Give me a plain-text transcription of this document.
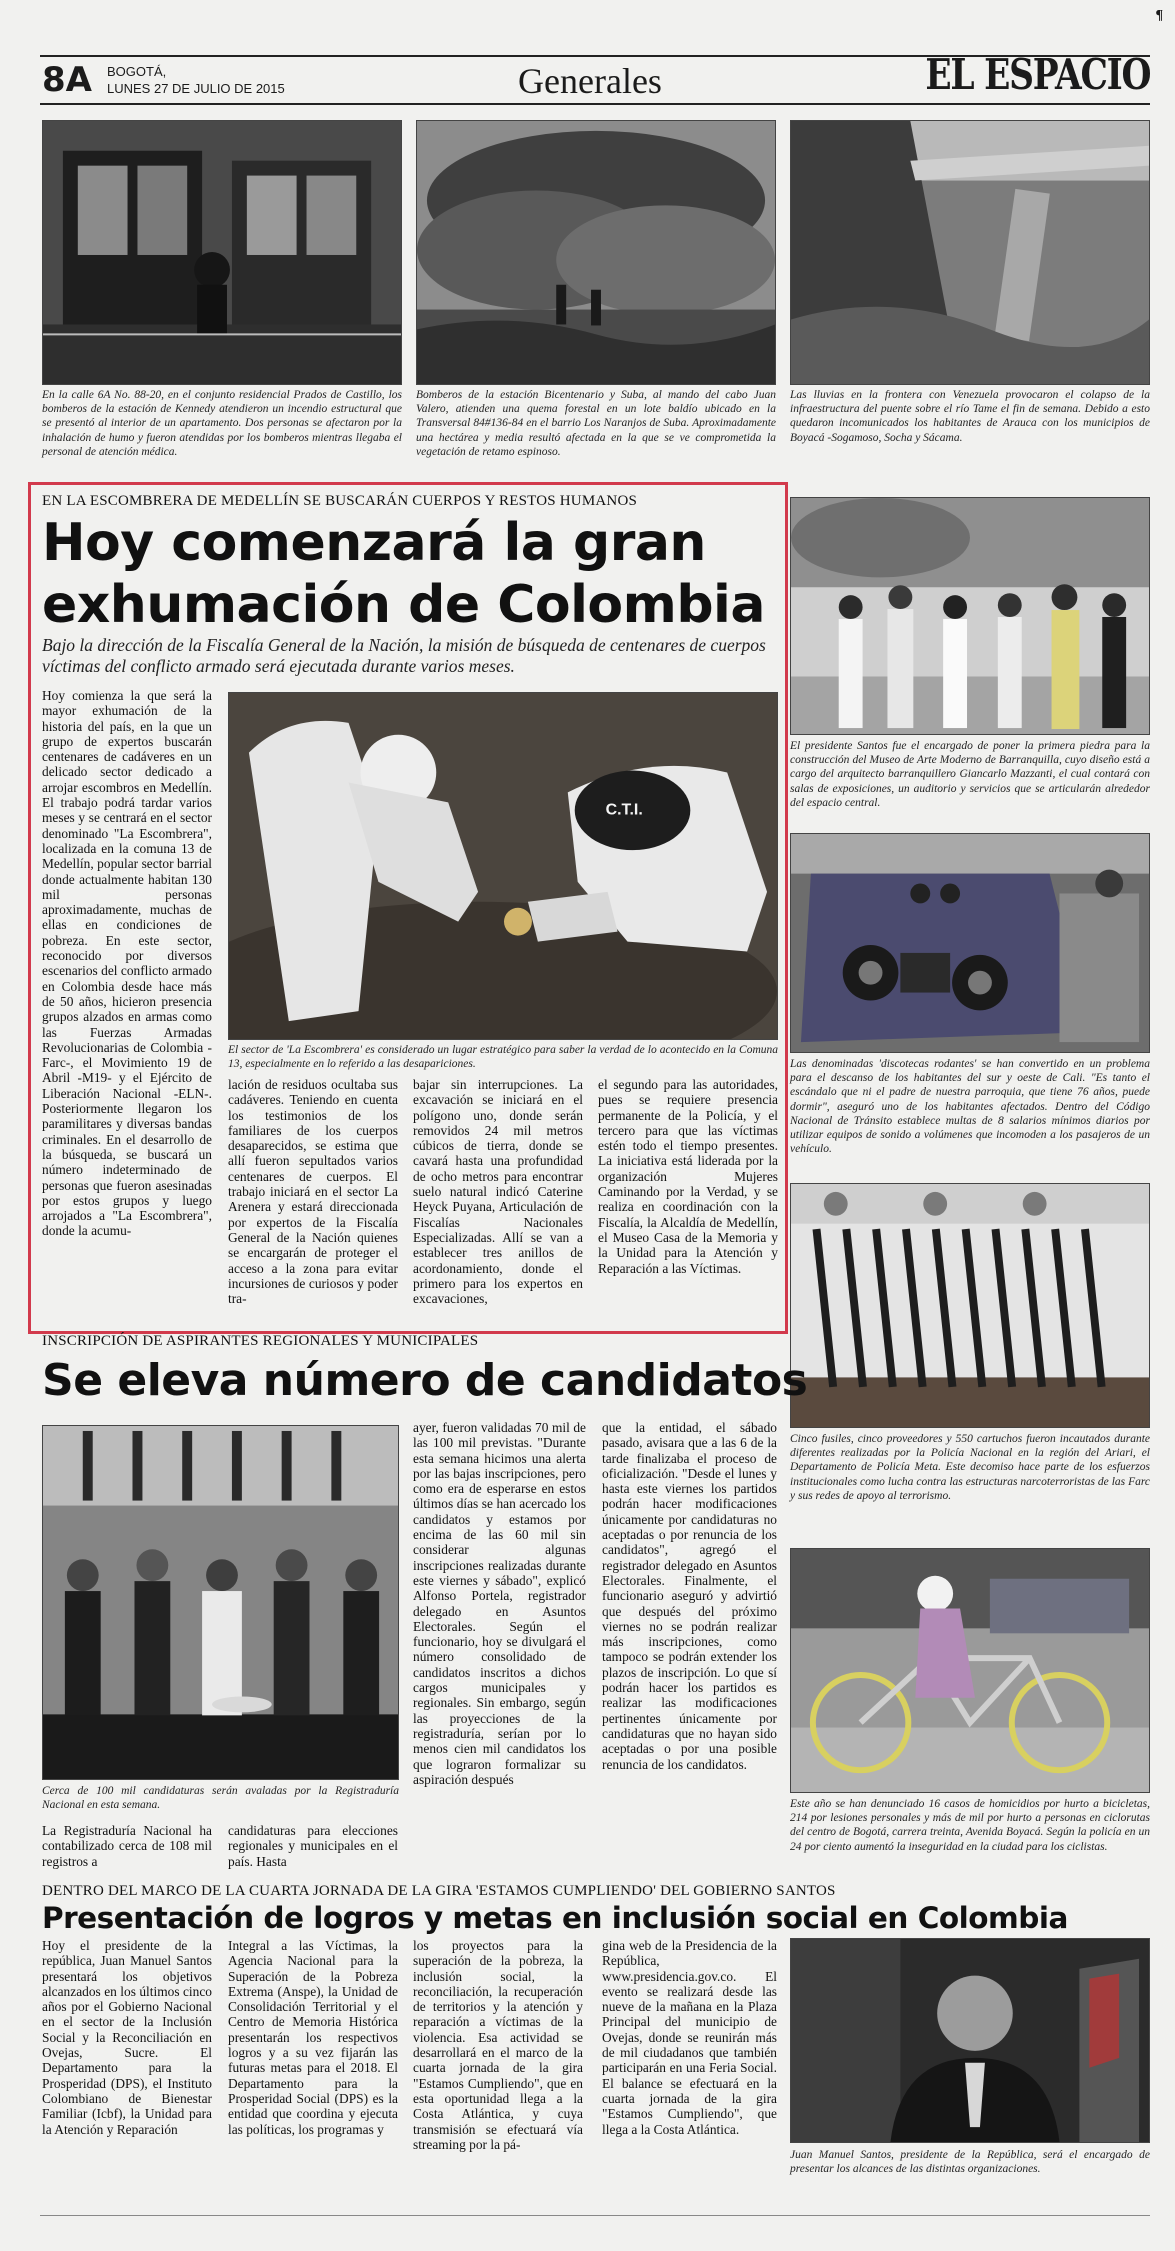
8A BOGOTÁ,
LUNES 27 DE JULIO DE 2015	Generales	EL ESPACIO
¶
En la calle 6A No. 88-20, en el conjunto residencial Prados de Castillo, los bomberos de la estación de Kennedy atendieron un incendio estructural que se presentó al interior de un apartamento. Dos personas se afectaron por la inhalación de humo y fueron atendidas por los bomberos mientras llegaba el personal de atención médica.
Bomberos de la estación Bicentenario y Suba, al mando del cabo Juan Valero, atienden una quema forestal en un lote baldío ubicado en la Transversal 84#136-84 en el barrio Los Naranjos de Suba. Aproximadamente una hectárea y media resultó afectada en la que se ve comprometida la vegetación de retamo espinoso.
Las lluvias en la frontera con Venezuela provocaron el colapso de la infraestructura del puente sobre el río Tame el fin de semana. Debido a esto quedaron incomunicados los habitantes de Arauca con los municipios de Boyacá -Sogamoso, Socha y Sácama.
EN LA ESCOMBRERA DE MEDELLÍN SE BUSCARÁN CUERPOS Y RESTOS HUMANOS
Hoy comenzará la gran
exhumación de Colombia
Bajo la dirección de la Fiscalía General de la Nación, la misión de búsqueda de centenares de cuerpos víctimas del conflicto armado será ejecutada durante varios meses.
Hoy comienza la que será la mayor exhumación de la historia del país, en la que un grupo de expertos buscarán centenares de cadáveres en un delicado sector dedicado a arrojar escombros en Medellín. El trabajo podrá tardar varios meses y se centrará en el sector denominado "La Escombrera", localizada en la comuna 13 de Medellín, popular sector barrial donde actualmente habitan 130 mil personas aproximadamente, muchas de ellas en condiciones de pobreza. En este sector, reconocido por diversos escenarios del conflicto armado en Colombia desde hace más de 50 años, hicieron presencia grupos alzados en armas como las Fuerzas Armadas Revolucionarias de Colombia -Farc-, el Movimiento 19 de Abril -M19- y el Ejército de Liberación Nacional -ELN-. Posteriormente llegaron los paramilitares y diversas bandas criminales. En el desarrollo de la búsqueda, se buscará un número indeterminado de personas que fueron asesinadas por estos grupos y luego arrojados a "La Escombrera", donde la acumu-
C.T.I.
El sector de 'La Escombrera' es considerado un lugar estratégico para saber la verdad de lo acontecido en la Comuna 13, especialmente en lo referido a las desapariciones.
lación de residuos ocultaba sus cadáveres. Teniendo en cuenta los testimonios de los familiares de los cuerpos desaparecidos, se estima que allí fueron sepultados varios centenares de cuerpos. El trabajo iniciará en el sector La Arenera y estará direccionada por expertos de la Fiscalía General de la Nación quienes se encargarán de proteger el acceso a la zona para evitar incursiones de curiosos y poder tra-
bajar sin interrupciones. La excavación se iniciará en el polígono uno, donde serán removidos 24 mil metros cúbicos de tierra, donde se cavará hasta una profundidad de ocho metros para encontrar suelo natural indicó Caterine Heyck Puyana, Articulación de Fiscalías Nacionales Especializadas. Allí se van a establecer tres anillos de acordonamiento, donde el primero para los expertos en excavaciones,
el segundo para las autoridades, pues se requiere presencia permanente de la Policía, y el tercero para que las víctimas estén todo el tiempo presentes. La iniciativa está liderada por la organización Mujeres Caminando por la Verdad, y se realiza en coordinación con la Fiscalía, la Alcaldía de Medellín, el Museo Casa de la Memoria y la Unidad para la Atención y Reparación a las Víctimas.
El presidente Santos fue el encargado de poner la primera piedra para la construcción del Museo de Arte Moderno de Barranquilla, cuyo diseño está a cargo del arquitecto barranquillero Giancarlo Mazzanti, el cual contará con salas de exposiciones, un auditorio y servicios que se articularán alrededor del espacio central.
Las denominadas 'discotecas rodantes' se han convertido en un problema para el descanso de los habitantes del sur y oeste de Cali. "Es tanto el escándalo que ni el padre de nuestra parroquia, que tiene 76 años, puede dormir", aseguró uno de los habitantes afectados. Dentro del Código Nacional de Tránsito establece multas de 8 salarios mínimos diarios por utilizar equipos de sonido a volúmenes que incomoden a los pasajeros de un vehículo.
Cinco fusiles, cinco proveedores y 550 cartuchos fueron incautados durante diferentes realizadas por la Policía Nacional en la región del Ariari, el Departamento de Policía Meta. Este decomiso hace parte de los esfuerzos institucionales como lucha contra las estructuras narcoterroristas de las Farc y sus redes de apoyo al terrorismo.
Este año se han denunciado 16 casos de homicidios por hurto a bicicletas, 214 por lesiones personales y más de mil por hurto a personas en ciclorutas del centro de Bogotá, carrera treinta, Avenida Boyacá. Según la policía en un 24 por ciento aumentó la inseguridad en la ciudad para los ciclistas.
INSCRIPCIÓN DE ASPIRANTES REGIONALES Y MUNICIPALES
Se eleva número de candidatos
Cerca de 100 mil candidaturas serán avaladas por la Registraduría Nacional en esta semana.
La Registraduría Nacional ha contabilizado cerca de 108 mil registros a
candidaturas para elecciones regionales y municipales en el país. Hasta
ayer, fueron validadas 70 mil de las 100 mil previstas. "Durante esta semana hicimos una alerta por las bajas inscripciones, pero como era de esperarse en estos últimos días se han acercado los candidatos y estamos por encima de las 60 mil sin considerar algunas inscripciones realizadas durante este viernes y sábado", explicó Alfonso Portela, registrador delegado en Asuntos Electorales. Según el funcionario, hoy se divulgará el número consolidado de candidatos inscritos a dichos cargos municipales y regionales. Sin embargo, según las proyecciones de la registraduría, serían por lo menos cien mil candidatos los que lograron formalizar su aspiración después
que la entidad, el sábado pasado, avisara que a las 6 de la tarde finalizaba el proceso de oficialización. "Desde el lunes y hasta este viernes los partidos podrán hacer modificaciones únicamente por candidaturas no aceptadas o por renuncia de los candidatos", agregó el registrador delegado en Asuntos Electorales. Finalmente, el funcionario aseguró y advirtió que después del próximo viernes no se podrán realizar más inscripciones, como tampoco se podrán extender los plazos de inscripción. Lo que sí podrán hacer los partidos es realizar las modificaciones pertinentes únicamente por candidaturas que no hayan sido aceptadas o por una posible renuncia de los candidatos.
DENTRO DEL MARCO DE LA CUARTA JORNADA DE LA GIRA 'ESTAMOS CUMPLIENDO' DEL GOBIERNO SANTOS
Presentación de logros y metas en inclusión social en Colombia
Hoy el presidente de la república, Juan Manuel Santos presentará los objetivos alcanzados en los últimos cinco años por el Gobierno Nacional en el sector de la Inclusión Social y la Reconciliación en Ovejas, Sucre. El Departamento para la Prosperidad (DPS), el Instituto Colombiano de Bienestar Familiar (Icbf), la Unidad para la Atención y Reparación
Integral a las Víctimas, la Agencia Nacional para la Superación de la Pobreza Extrema (Anspe), la Unidad de Consolidación Territorial y el Centro de Memoria Histórica presentarán los respectivos logros y a su vez fijarán las futuras metas para el 2018. El Departamento para la Prosperidad Social (DPS) es la entidad que coordina y ejecuta las políticas, los programas y
los proyectos para la superación de la pobreza, la inclusión social, la reconciliación, la recuperación de territorios y la atención y reparación a víctimas de la violencia. Esa actividad se desarrollará en el marco de la cuarta jornada de la gira "Estamos Cumpliendo", que en esta oportunidad llega a la Costa Atlántica, y cuya transmisión se efectuará vía streaming por la pá-
gina web de la Presidencia de la República, www.presidencia.gov.co. El evento se realizará desde las nueve de la mañana en la Plaza Principal del municipio de Ovejas, donde se reunirán más de mil ciudadanos que también participarán en una Feria Social. El balance se efectuará en la cuarta jornada de la gira "Estamos Cumpliendo", que llega a la Costa Atlántica.
Juan Manuel Santos, presidente de la República, será el encargado de presentar los alcances de las distintas organizaciones.
